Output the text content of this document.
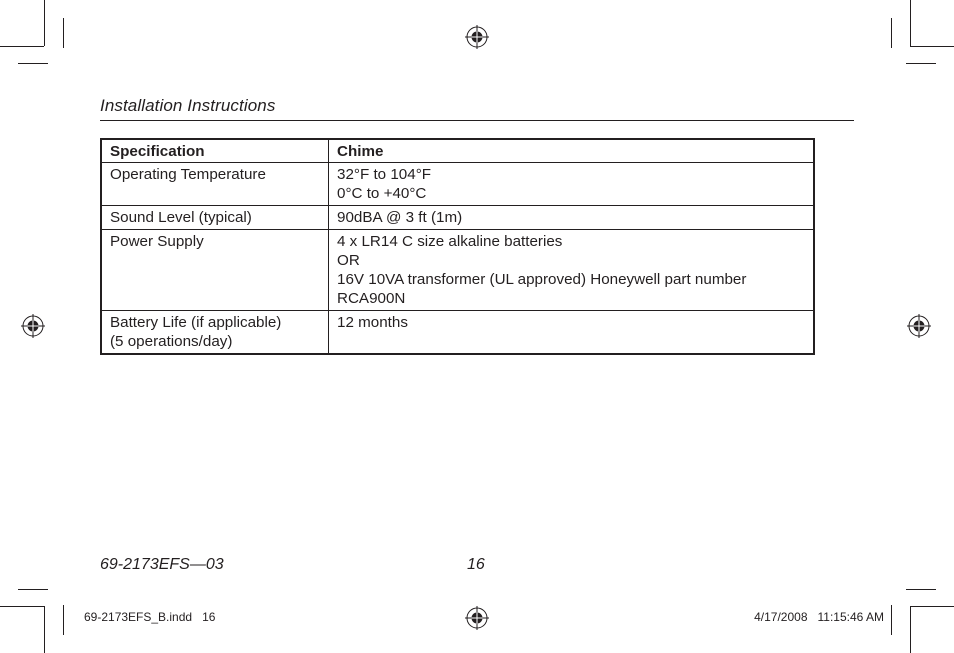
Installation Instructions
Specification	Chime

Operating Temperature	32°F to 104°F
0°C to +40°C

Sound Level (typical)	90dBA @ 3 ft (1m)

Power Supply	4 x LR14 C size alkaline batteries
OR
16V 10VA transformer (UL approved) Honeywell part number
RCA900N

Battery Life (if applicable)
(5 operations/day)	12 months
69-2173EFS—03	16
69-2173EFS_B.indd   16	4/17/2008   11:15:46 AM
